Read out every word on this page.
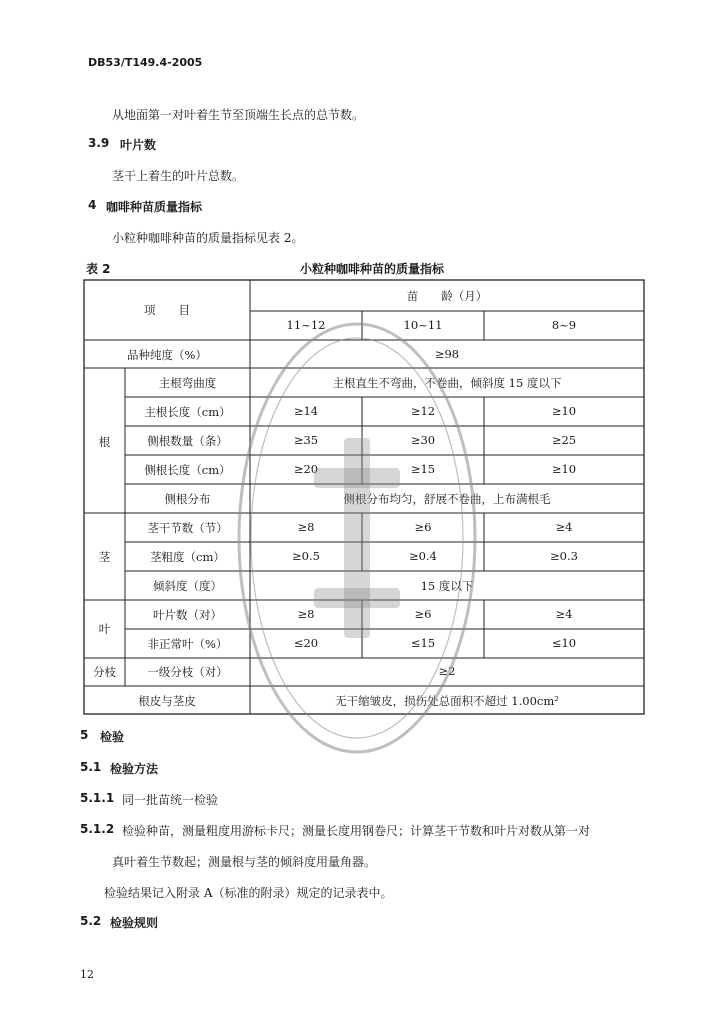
DB53/T149.4-2005
从地面第一对叶着生节至顶端生长点的总节数。
3.9 叶片数
茎干上着生的叶片总数。
4 咖啡种苗质量指标
小粒种咖啡种苗的质量指标见表 2。
表 2	小粒种咖啡种苗的质量指标
项　　目
苗　　龄（月）
11~12	10~11	8~9
品种纯度（%）	≥98
根
主根弯曲度	主根直生不弯曲，不卷曲，倾斜度 15 度以下
主根长度（cm）	≥14	≥12	≥10
侧根数量（条）	≥35	≥30	≥25
侧根长度（cm）	≥20	≥15	≥10
侧根分布	侧根分布均匀，舒展不卷曲，上布满根毛
茎
茎干节数（节）	≥8	≥6	≥4
茎粗度（cm）	≥0.5	≥0.4	≥0.3
倾斜度（度）	15 度以下
叶
叶片数（对）	≥8	≥6	≥4
非正常叶（%）	≤20	≤15	≤10
分枝	一级分枝（对）	≥2
根皮与茎皮	无干缩皱皮，损伤处总面积不超过 1.00cm²
5 检验
5.1 检验方法
5.1.1 同一批苗统一检验
5.1.2 检验种苗，测量粗度用游标卡尺；测量长度用钢卷尺；计算茎干节数和叶片对数从第一对
真叶着生节数起；测量根与茎的倾斜度用量角器。
检验结果记入附录 A（标准的附录）规定的记录表中。
5.2 检验规则
12
